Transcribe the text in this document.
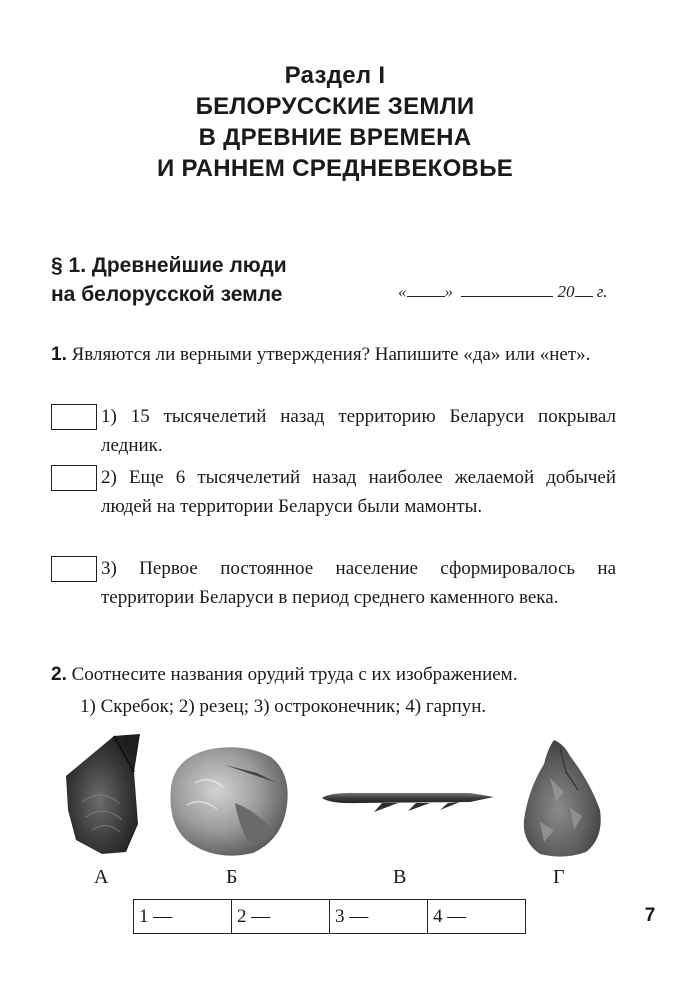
Раздел I
БЕЛОРУССКИЕ ЗЕМЛИ
В ДРЕВНИЕ ВРЕМЕНА
И РАННЕМ СРЕДНЕВЕКОВЬЕ
§ 1. Древнейшие люди
на белорусской земле	« »	20 г.
1. Являются ли верными утверждения? Напишите «да» или «нет».
1) 15 тысячелетий назад территорию Беларуси покрывал ледник.
2) Еще 6 тысячелетий назад наиболее желаемой добычей людей на территории Беларуси были мамонты.
3) Первое постоянное население сформировалось на территории Беларуси в период среднего каменного века.
2. Соотнесите названия орудий труда с их изображением.
1) Скребок; 2) резец; 3) остроконечник; 4) гарпун.
А	Б	В	Г
1 —	2 —	3 —	4 —	7
